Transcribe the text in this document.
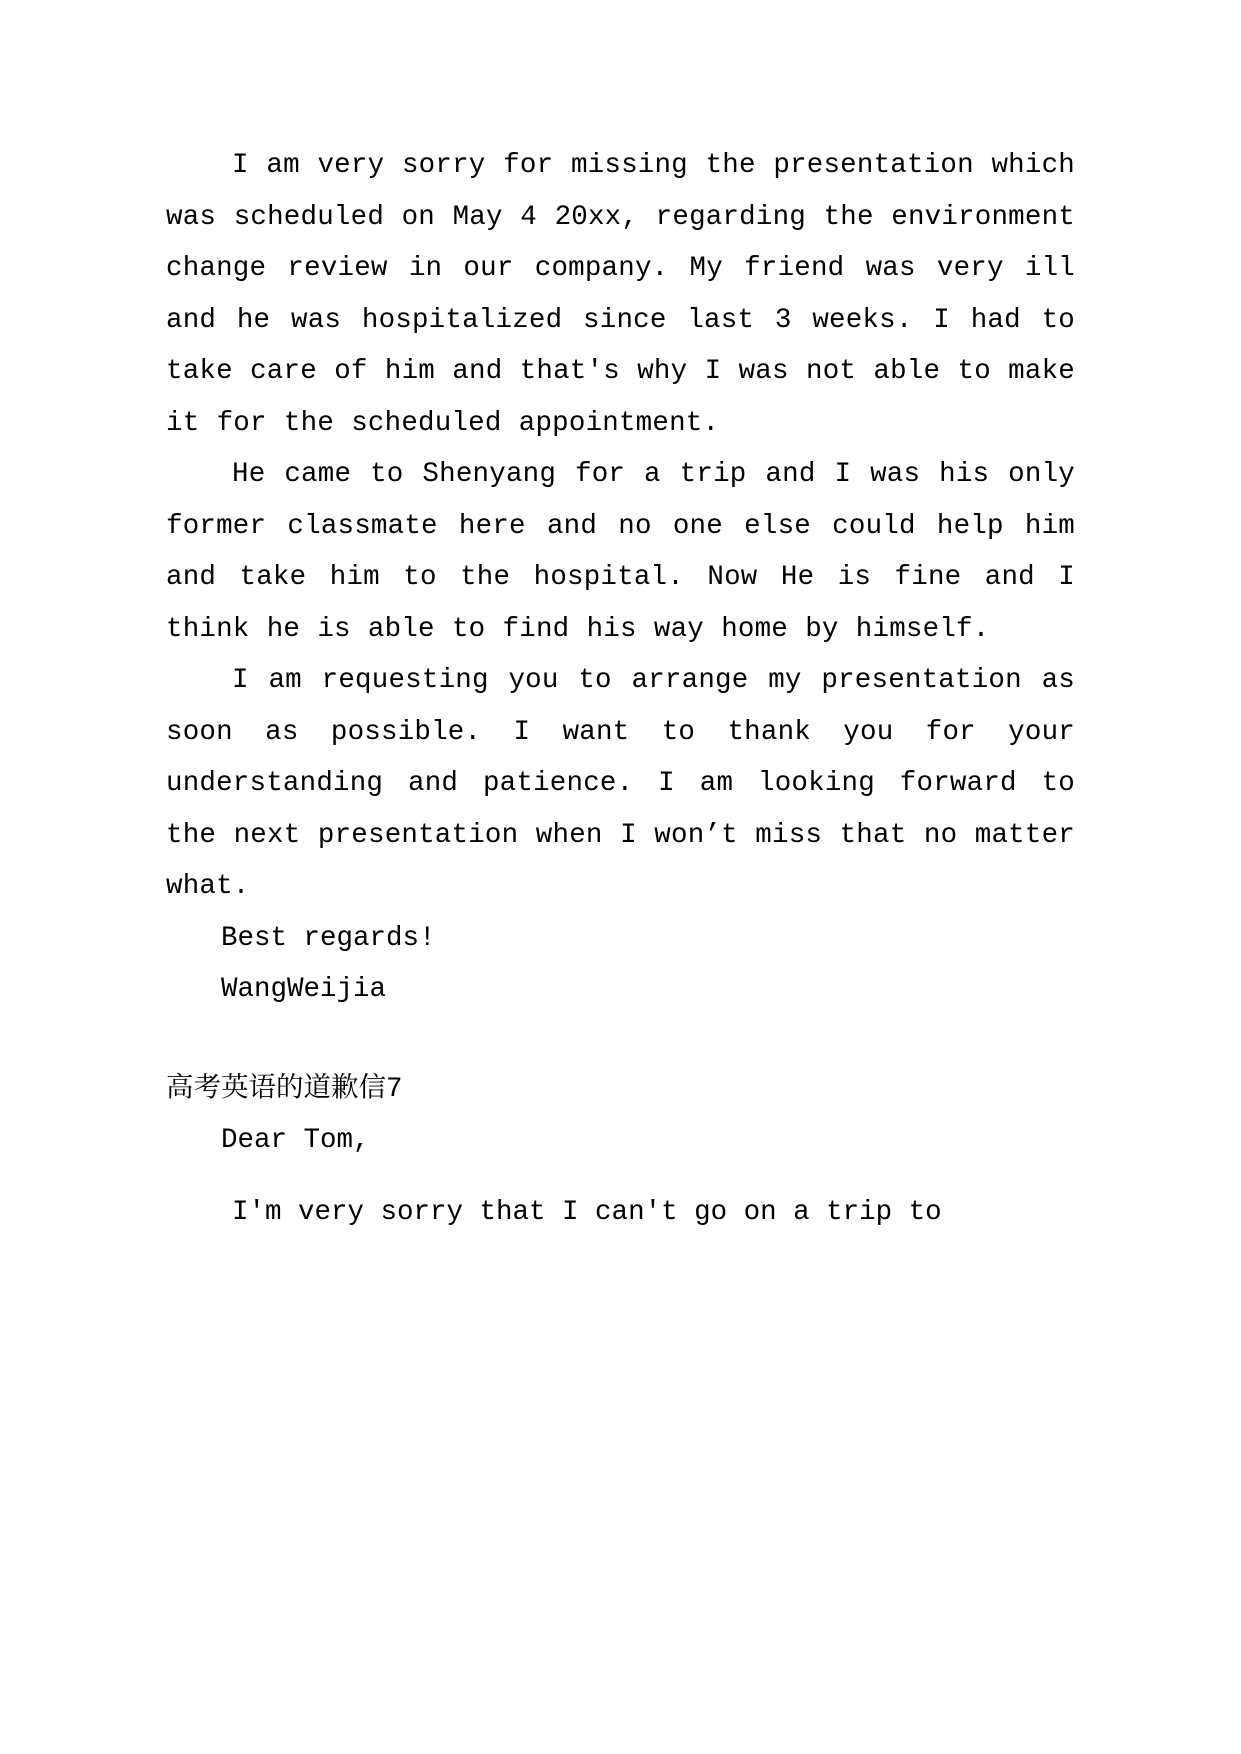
I am very sorry for missing the presentation which was scheduled on May 4 20xx, regarding the environment change review in our company. My friend was very ill and he was hospitalized since last 3 weeks. I had to take care of him and that's why I was not able to make it for the scheduled appointment.

He came to Shenyang for a trip and I was his only former classmate here and no one else could help him and take him to the hospital. Now He is fine and I think he is able to find his way home by himself.

I am requesting you to arrange my presentation as soon as possible. I want to thank you for your understanding and patience. I am looking forward to the next presentation when I won’t miss that no matter what.

Best regards!

WangWeijia

高考英语的道歉信7

Dear Tom,

I'm very sorry that I can't go on a trip to
